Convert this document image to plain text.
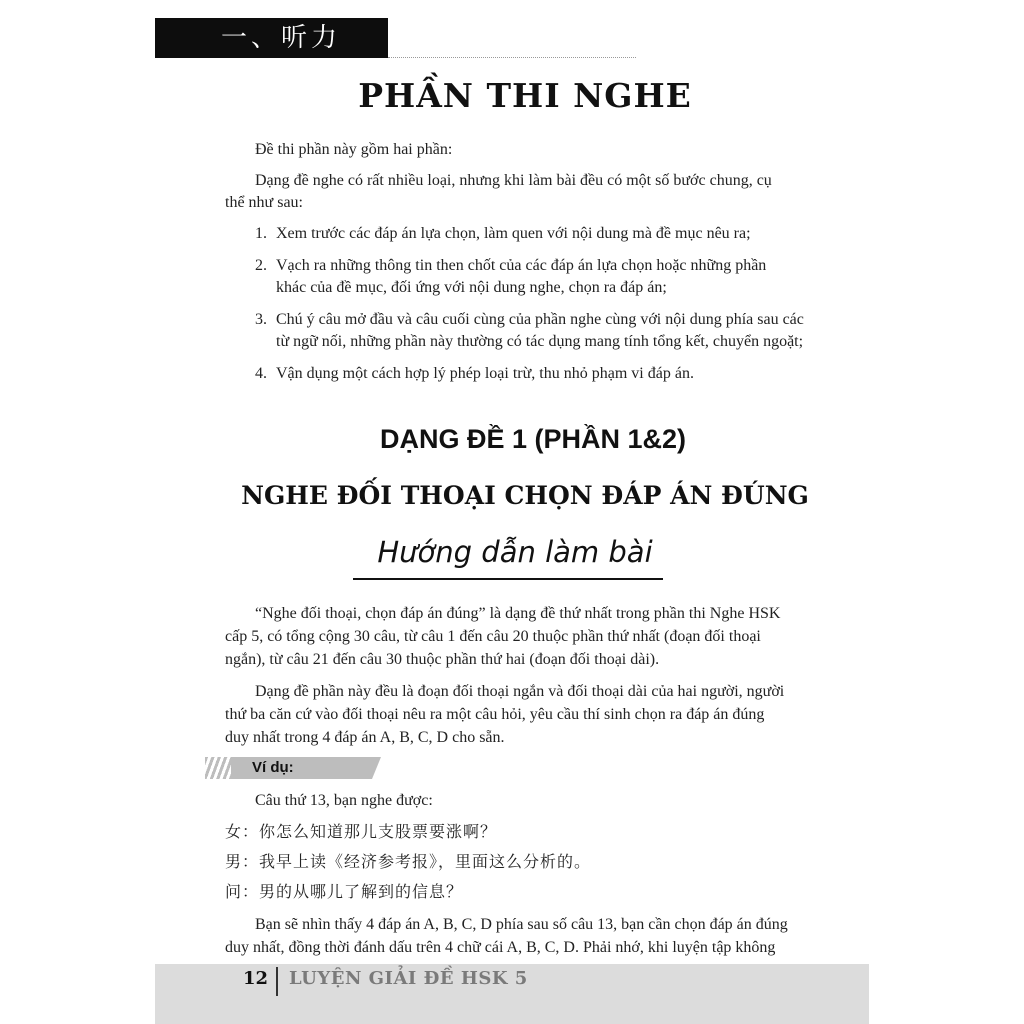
一、听力
PHẦN THI NGHE

Đề thi phần này gồm hai phần:

Dạng đề nghe có rất nhiều loại, nhưng khi làm bài đều có một số bước chung, cụ

thể như sau:

1. Xem trước các đáp án lựa chọn, làm quen với nội dung mà đề mục nêu ra;

2. Vạch ra những thông tin then chốt của các đáp án lựa chọn hoặc những phần

khác của đề mục, đối ứng với nội dung nghe, chọn ra đáp án;

3. Chú ý câu mở đầu và câu cuối cùng của phần nghe cùng với nội dung phía sau các

từ ngữ nối, những phần này thường có tác dụng mang tính tổng kết, chuyển ngoặt;

4. Vận dụng một cách hợp lý phép loại trừ, thu nhỏ phạm vi đáp án.

DẠNG ĐỀ 1 (PHẦN 1&2)
NGHE ĐỐI THOẠI CHỌN ĐÁP ÁN ĐÚNG
Hướng dẫn làm bài

“Nghe đối thoại, chọn đáp án đúng” là dạng đề thứ nhất trong phần thi Nghe HSK

cấp 5, có tổng cộng 30 câu, từ câu 1 đến câu 20 thuộc phần thứ nhất (đoạn đối thoại

ngắn), từ câu 21 đến câu 30 thuộc phần thứ hai (đoạn đối thoại dài).

Dạng đề phần này đều là đoạn đối thoại ngắn và đối thoại dài của hai người, người

thứ ba căn cứ vào đối thoại nêu ra một câu hỏi, yêu cầu thí sinh chọn ra đáp án đúng

duy nhất trong 4 đáp án A, B, C, D cho sẵn.

Ví dụ:

Câu thứ 13, bạn nghe được:

女：你怎么知道那儿支股票要涨啊？

男：我早上读《经济参考报》，里面这么分析的。

问：男的从哪儿了解到的信息？

Bạn sẽ nhìn thấy 4 đáp án A, B, C, D phía sau số câu 13, bạn cần chọn đáp án đúng

duy nhất, đồng thời đánh dấu trên 4 chữ cái A, B, C, D. Phải nhớ, khi luyện tập không

12 LUYỆN GIẢI ĐỀ HSK 5
